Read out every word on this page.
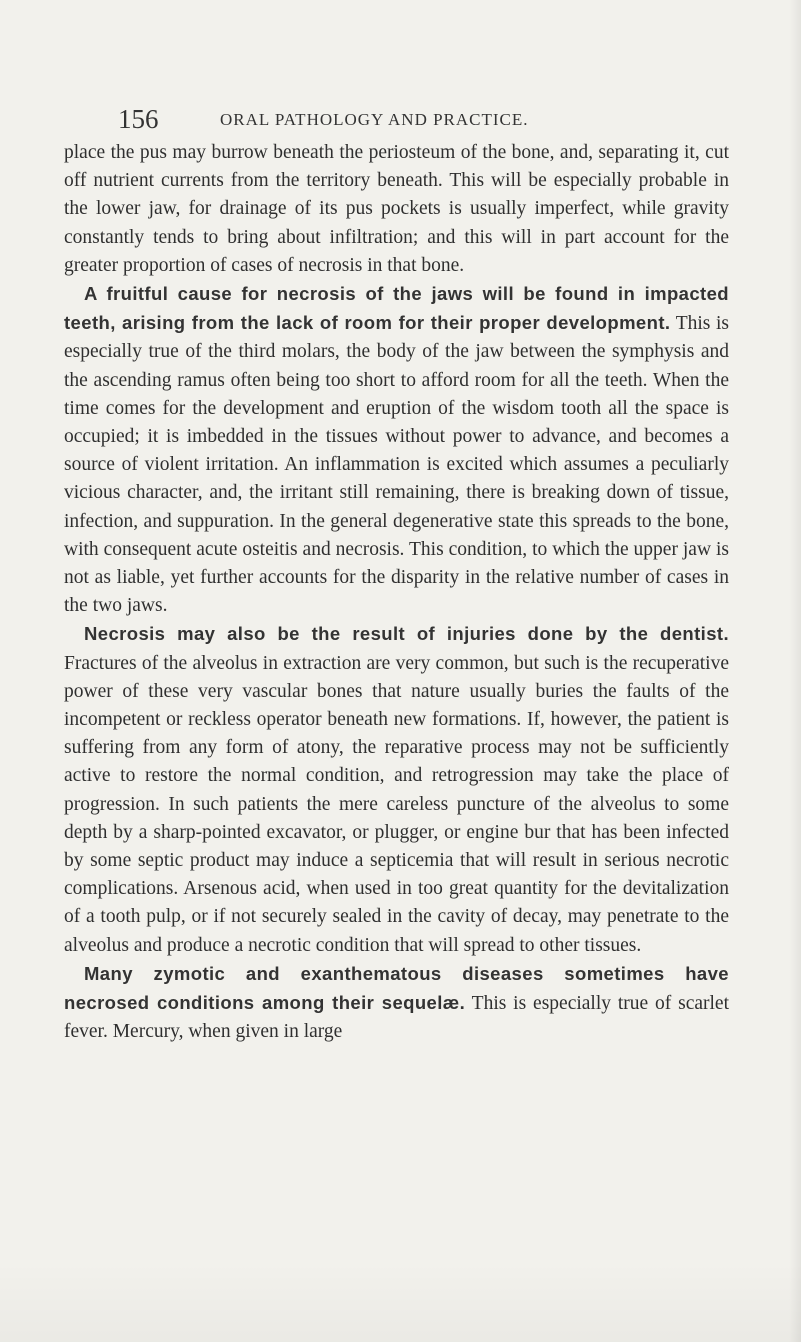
156	ORAL PATHOLOGY AND PRACTICE.

place the pus may burrow beneath the periosteum of the bone, and, separating it, cut off nutrient currents from the territory beneath. This will be especially probable in the lower jaw, for drainage of its pus pockets is usually imperfect, while gravity constantly tends to bring about infiltration; and this will in part account for the greater proportion of cases of necrosis in that bone.

A fruitful cause for necrosis of the jaws will be found in impacted teeth, arising from the lack of room for their proper development. This is especially true of the third molars, the body of the jaw between the symphysis and the ascending ramus often being too short to afford room for all the teeth. When the time comes for the development and eruption of the wisdom tooth all the space is occupied; it is imbedded in the tissues without power to advance, and becomes a source of violent irritation. An inflammation is excited which assumes a peculiarly vicious character, and, the irritant still remaining, there is breaking down of tissue, infection, and suppuration. In the general degenerative state this spreads to the bone, with consequent acute osteitis and necrosis. This condition, to which the upper jaw is not as liable, yet further accounts for the disparity in the relative number of cases in the two jaws.

Necrosis may also be the result of injuries done by the dentist. Fractures of the alveolus in extraction are very common, but such is the recuperative power of these very vascular bones that nature usually buries the faults of the incompetent or reckless operator beneath new formations. If, however, the patient is suffering from any form of atony, the reparative process may not be sufficiently active to restore the normal condition, and retrogression may take the place of progression. In such patients the mere careless puncture of the alveolus to some depth by a sharp-pointed excavator, or plugger, or engine bur that has been infected by some septic product may induce a septicemia that will result in serious necrotic complications. Arsenous acid, when used in too great quantity for the devitalization of a tooth pulp, or if not securely sealed in the cavity of decay, may penetrate to the alveolus and produce a necrotic condition that will spread to other tissues.

Many zymotic and exanthematous diseases sometimes have necrosed conditions among their sequelæ. This is especially true of scarlet fever. Mercury, when given in large
